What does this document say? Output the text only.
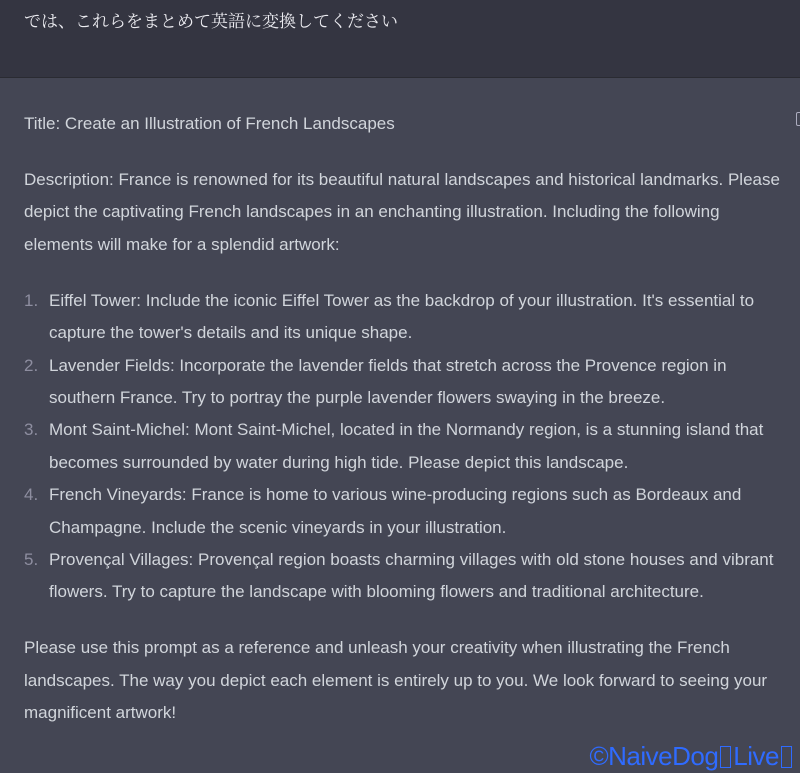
では、これらをまとめて英語に変換してください

Title: Create an Illustration of French Landscapes

Description: France is renowned for its beautiful natural landscapes and historical landmarks. Please depict the captivating French landscapes in an enchanting illustration. Including the following elements will make for a splendid artwork:

1. Eiffel Tower: Include the iconic Eiffel Tower as the backdrop of your illustration. It's essential to capture the tower's details and its unique shape.
2. Lavender Fields: Incorporate the lavender fields that stretch across the Provence region in southern France. Try to portray the purple lavender flowers swaying in the breeze.
3. Mont Saint-Michel: Mont Saint-Michel, located in the Normandy region, is a stunning island that becomes surrounded by water during high tide. Please depict this landscape.
4. French Vineyards: France is home to various wine-producing regions such as Bordeaux and Champagne. Include the scenic vineyards in your illustration.
5. Provençal Villages: Provençal region boasts charming villages with old stone houses and vibrant flowers. Try to capture the landscape with blooming flowers and traditional architecture.

Please use this prompt as a reference and unleash your creativity when illustrating the French landscapes. The way you depict each element is entirely up to you. We look forward to seeing your magnificent artwork!

©NaiveDog Live
